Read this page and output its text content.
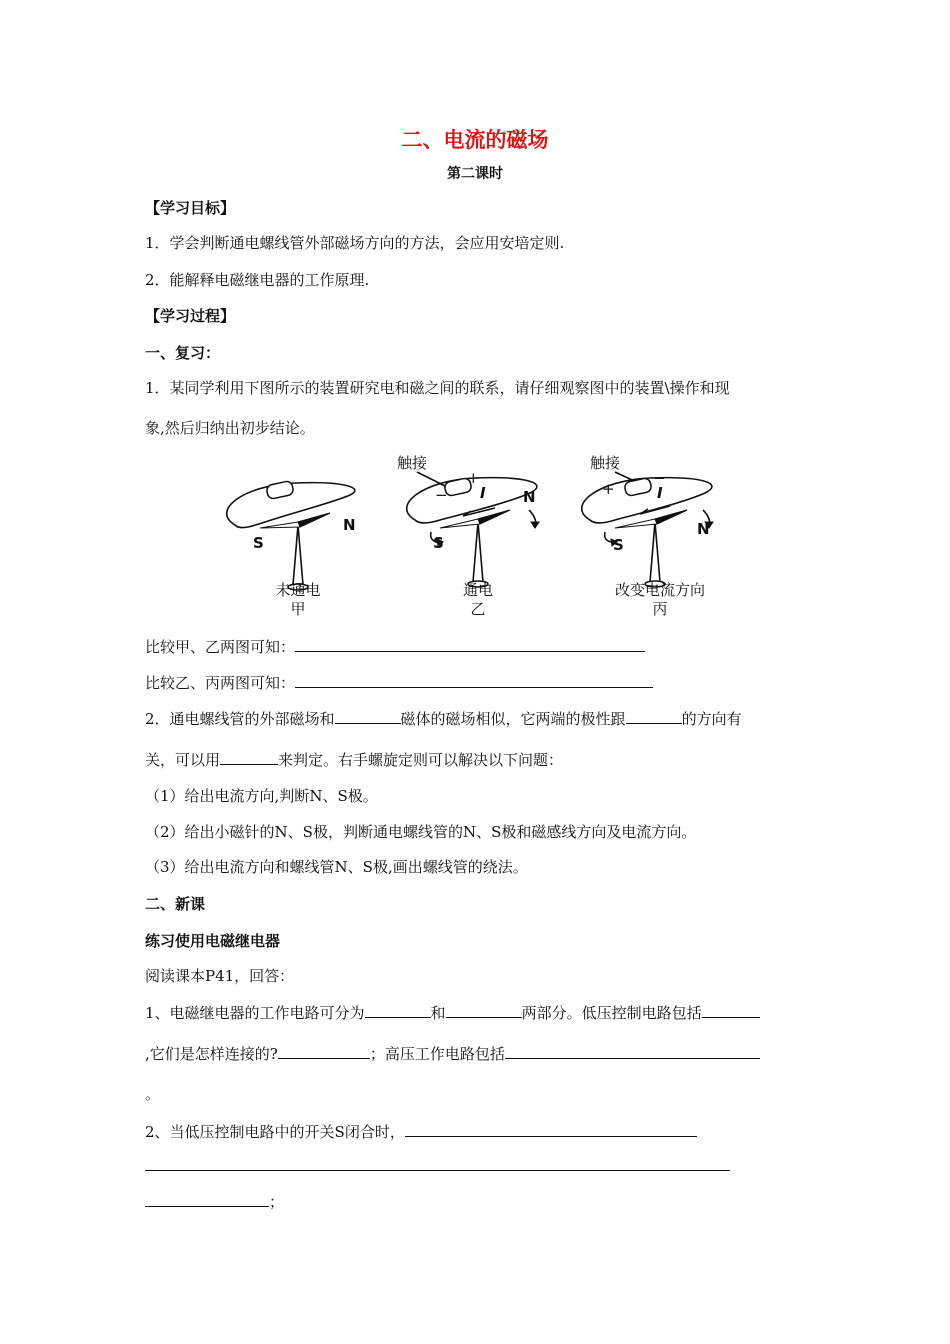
二、电流的磁场
第二课时
【学习目标】
1．学会判断通电螺线管外部磁场方向的方法，会应用安培定则.
2．能解释电磁继电器的工作原理.
【学习过程】
一、复习：
1．某同学利用下图所示的装置研究电和磁之间的联系，请仔细观察图中的装置\操作和现
象,然后归纳出初步结论。
S
N
S
N
S
N
触接	触接
+
−	+
−
I	I
未通电
甲
通电
乙
改变电流方向
丙
比较甲、乙两图可知：
比较乙、丙两图可知：
2．通电螺线管的外部磁场和	磁体的磁场相似，它两端的极性跟	的方向有
关，可以用	来判定。右手螺旋定则可以解决以下问题：
（1）给出电流方向,判断N、S极。
（2）给出小磁针的N、S极，判断通电螺线管的N、S极和磁感线方向及电流方向。
（3）给出电流方向和螺线管N、S极,画出螺线管的绕法。
二、新课
练习使用电磁继电器
阅读课本P41，回答：
1、电磁继电器的工作电路可分为	和	两部分。低压控制电路包括
,它们是怎样连接的?	；高压工作电路包括
。
2、当低压控制电路中的开关S闭合时，
；
